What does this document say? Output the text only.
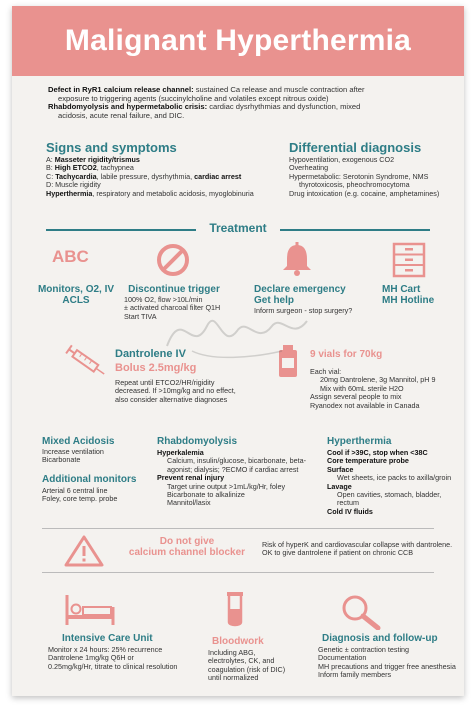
Malignant Hyperthermia
Defect in RyR1 calcium release channel: sustained Ca release and muscle contraction after
exposure to triggering agents (succinylcholine and volatiles except nitrous oxide)
Rhabdomyolysis and hypermetabolic crisis: cardiac dysrhythmias and dysfunction, mixed
acidosis, acute renal failure, and DIC.
Signs and symptoms
A: Masseter rigidity/trismus
B: High ETCO2, tachypnea
C: Tachycardia, labile pressure, dysrhythmia, cardiac arrest
D: Muscle rigidity
Hyperthermia, respiratory and metabolic acidosis, myoglobinuria
Differential diagnosis
Hypoventilation, exogenous CO2
Overheating
Hypermetabolic: Serotonin Syndrome, NMS
thyrotoxicosis, pheochromocytoma
Drug intoxication (e.g. cocaine, amphetamines)
Treatment
ABC
Monitors, O2, IV
ACLS
Discontinue trigger
100% O2, flow >10L/min
± activated charcoal filter Q1H
Start TIVA
Declare emergency
Get help
Inform surgeon - stop surgery?
MH Cart
MH Hotline
Dantrolene IV
Bolus 2.5mg/kg
Repeat until ETCO2/HR/rigidity
decreased. If >10mg/kg and no effect,
also consider alternative diagnoses
9 vials for 70kg
Each vial:
20mg Dantrolene, 3g Mannitol, pH 9
Mix with 60mL sterile H2O
Assign several people to mix
Ryanodex not available in Canada
Mixed Acidosis
Increase ventilation
Bicarbonate
Additional monitors
Arterial 6 central line
Foley, core temp. probe
Rhabdomyolysis
Hyperkalemia
Calcium, insulin/glucose, bicarbonate, beta-
agonist; dialysis; ?ECMO if cardiac arrest
Prevent renal injury
Target urine output >1mL/kg/Hr, foley
Bicarbonate to alkalinize
Mannitol/lasix
Hyperthermia
Cool if >39C, stop when <38C
Core temperature probe
Surface
Wet sheets, ice packs to axilla/groin
Lavage
Open cavities, stomach, bladder,
rectum
Cold IV fluids
Do not give
calcium channel blocker
Risk of hyperK and cardiovascular collapse with dantrolene.
OK to give dantrolene if patient on chronic CCB
Intensive Care Unit
Monitor x 24 hours: 25% recurrence
Dantrolene 1mg/kg Q6H or
0.25mg/kg/Hr, titrate to clinical resolution
Bloodwork
Including ABG,
electrolytes, CK, and
coagulation (risk of DIC)
until normalized
Diagnosis and follow-up
Genetic ± contraction testing
Documentation
MH precautions and trigger free anesthesia
Inform family members
